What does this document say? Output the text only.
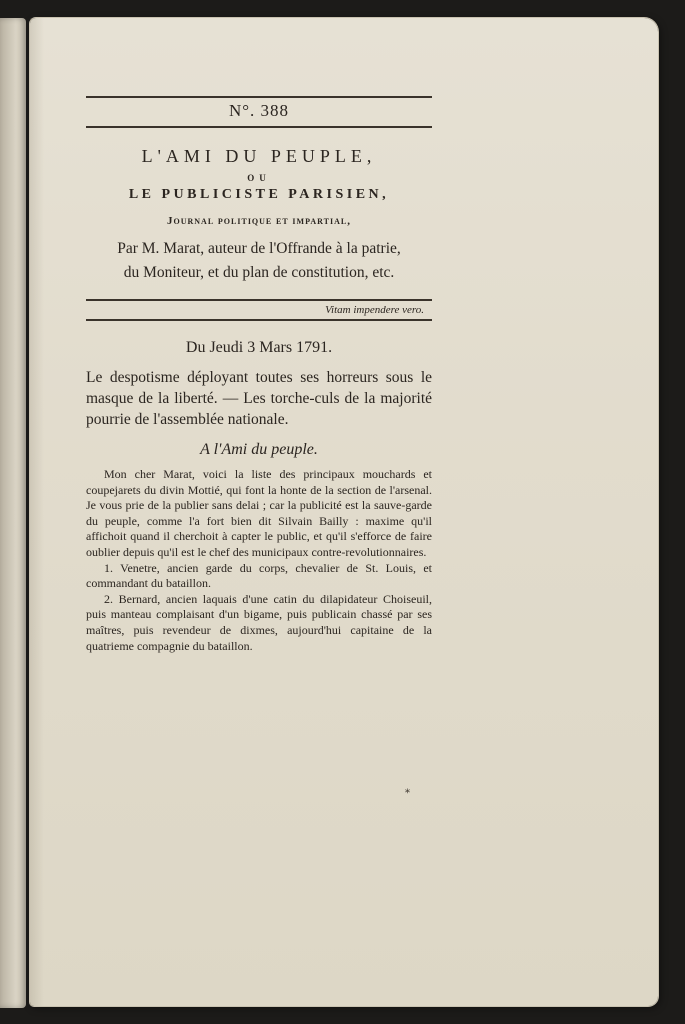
N°. 388
L'AMI DU PEUPLE,
OU
LE PUBLICISTE PARISIEN,
Journal politique et impartial,
Par M. Marat, auteur de l'Offrande à la patrie,
du Moniteur, et du plan de constitution, etc.
Vitam impendere vero.
Du Jeudi 3 Mars 1791.
Le despotisme déployant toutes ses horreurs sous le masque de la liberté. — Les torche-culs de la majorité pourrie de l'assemblée nationale.
A l'Ami du peuple.

Mon cher Marat, voici la liste des principaux mouchards et coupejarets du divin Mottié, qui font la honte de la section de l'arsenal. Je vous prie de la publier sans delai ; car la publicité est la sauve-garde du peuple, comme l'a fort bien dit Silvain Bailly : maxime qu'il affichoit quand il cherchoit à capter le public, et qu'il s'efforce de faire oublier depuis qu'il est le chef des municipaux contre-revolutionnaires.

1. Venetre, ancien garde du corps, chevalier de St. Louis, et commandant du bataillon.

2. Bernard, ancien laquais d'une catin du dilapidateur Choiseuil, puis manteau complaisant d'un bigame, puis publicain chassé par ses maîtres, puis revendeur de dixmes, aujourd'hui capitaine de la quatrieme compagnie du bataillon.

*
